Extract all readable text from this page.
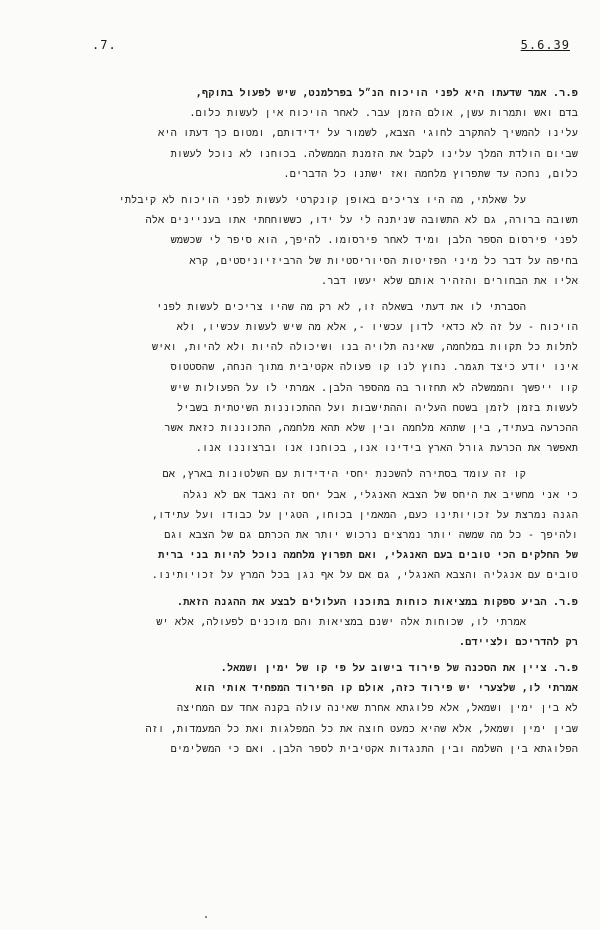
.7.	5.6.39
פ.ר. אמר שדעתו היא לפני הויכוח הנ״ל בפרלמנט, שיש לפעול בתוקף,
בדם ואש ותמרות עשן, אולם הזמן עבר. לאחר הויכוח אין לעשות כלום.
עלינו להמשיך להתקרב לחוגי הצבא, לשמור על ידידותם, ומטום כך דעתו היא
שביום הולדת המלך עלינו לקבל את הזמנת הממשלה. בכוחנו לא נוכל לעשות
כלום, נחכה עד שתפרוץ מלחמה ואז ישתנו כל הדברים.
על שאלתי, מה היו צריכים באופן קונקרטי לעשות לפני הויכוח לא קיבלתי
תשובה ברורה, גם לא התשובה שניתנה לי על ידו, כששוחחתי אתו בעניינים אלה
לפני פירסום הספר הלבן ומיד לאחר פירסומו. להיפך, הוא סיפר לי שכשמש
בחיפה על דבר כל מיני הפזיטות הסיוריסטיות של הרביזיוניסטים, קרא
אליו את הבחורים והזהיר אותם שלא יעשו דבר.
הסברתי לו את דעתי בשאלה זו, לא רק מה שהיו צריכים לעשות לפני
הויכוח - על זה לא כדאי לדון עכשיו -, אלא מה שיש לעשות עכשיו, ולא
לתלות כל תקוות במלחמה, שאינה תלויה בנו ושיכולה להיות ולא להיות, ואיש
אינו יודע כיצד תגמר. נחוץ לנו קו פעולה אקטיבית מתוך הנחה, שהסטטוס
קוו ייפשך והממשלה לא תחזור בה מהספר הלבן. אמרתי לו על הפעולות שיש
לעשות בזמן לזמן בשטח העליה וההתישבות ועל ההתכוננות השיטתית בשביל
ההכרעה בעתיד, בין שתהא מלחמה ובין שלא תהא מלחמה, התכוננות כזאת אשר
תאפשר את הכרעת גורל הארץ בידינו אנו, בכוחנו אנו וברצוננו אנו.
קו זה עומד בסתירה להשכנת יחסי הידידות עם השלטונות בארץ, אם
כי אני מחשיב את היחס של הצבא האנגלי, אבל יחס זה נאבד אם לא נגלה
הגנה נמרצת על זכויותינו כעם, המאמין בכוחו, הטגין על כבודו ועל עתידו,
ולהיפך - כל מה שמשה יותר נמרצים נרכוש יותר את הכרתם גם של הצבא וגם
של החלקים הכי טובים בעם האנגלי, ואם תפרוץ מלחמה נוכל להיות בני ברית
טובים עם אנגליה והצבא האנגלי, גם אם על אף נגן בכל המרץ על זכויותינו.
פ.ר. הביע ספקות במציאות כוחות בתוכנו העלולים לבצע את ההגנה הזאת.
אמרתי לו, שכוחות אלה ישנם במציאות והם מוכנים לפעולה, אלא יש
רק להדריכם ולציידם.
פ.ר. ציין את הסכנה של פירוד בישוב על פי קו של ימין ושמאל.
אמרתי לו, שלצערי יש פירוד כזה, אולם קו הפירוד המפחיד אותי הוא
לא בין ימין ושמאל, אלא פלוגתא אחרת שאינה עולה בקנה אחד עם המחיצה
שבין ימין ושמאל, אלא שהיא כמעט חוצה את כל המפלגות ואת כל המעמדות, וזה
הפלוגתא בין השלמה ובין התנגדות אקטיבית לספר הלבן. ואם כי המשלימים
